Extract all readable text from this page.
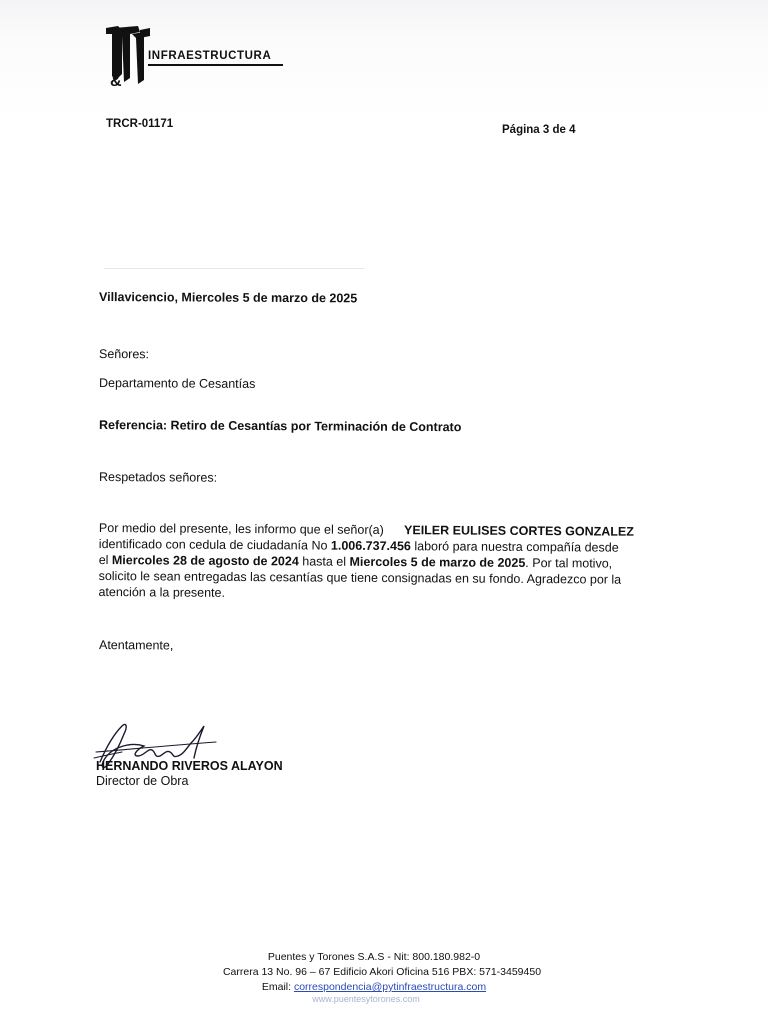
&
INFRAESTRUCTURA
TRCR-01171	Página 3 de 4
Villavicencio, Miercoles 5 de marzo de 2025
Señores:
Departamento de Cesantías
Referencia: Retiro de Cesantías por Terminación de Contrato
Respetados señores:
Por medio del presente, les informo que el señor(a) YEILER EULISES CORTES GONZALEZ
identificado con cedula de ciudadanía No 1.006.737.456 laboró para nuestra compañía desde
el Miercoles 28 de agosto de 2024 hasta el Miercoles 5 de marzo de 2025. Por tal motivo,
solicito le sean entregadas las cesantías que tiene consignadas en su fondo. Agradezco por la
atención a la presente.
Atentamente,
HERNANDO RIVEROS ALAYON
Director de Obra
Puentes y Torones S.A.S - Nit: 800.180.982-0
Carrera 13 No. 96 – 67 Edificio Akori Oficina 516 PBX: 571-3459450
Email: correspondencia@pytinfraestructura.com
www.puentesytorones.com
